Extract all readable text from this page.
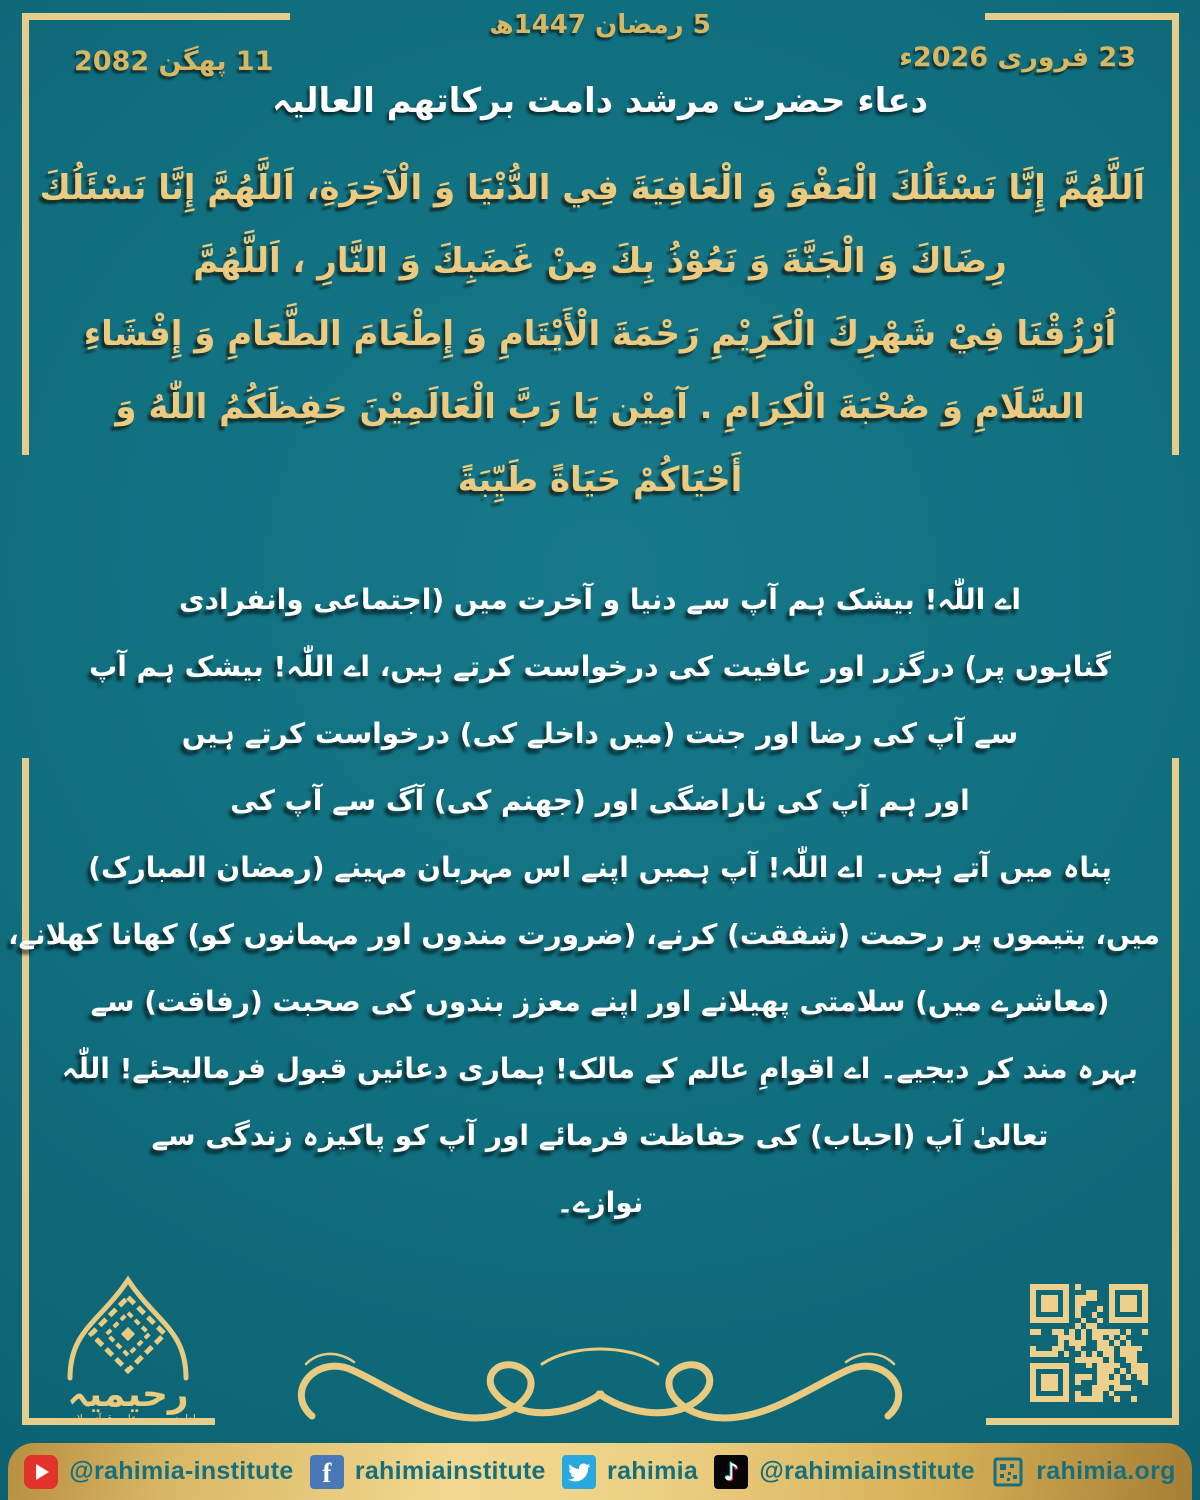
5 رمضان 1447ھ
23 فروری 2026ء
11 پھگن 2082
دعاء حضرت مرشد دامت برکاتھم العالیہ
اَللَّهُمَّ إِنَّا نَسْئَلُكَ الْعَفْوَ وَ الْعَافِيَةَ فِي الدُّنْيَا وَ الْآخِرَةِ، اَللَّهُمَّ إِنَّا نَسْئَلُكَ
رِضَاكَ وَ الْجَنَّةَ وَ نَعُوْذُ بِكَ مِنْ غَضَبِكَ وَ النَّارِ ، اَللَّهُمَّ
اُرْزُقْنَا فِيْ شَهْرِكَ الْكَرِيْمِ رَحْمَةَ الْأَيْتَامِ وَ إِطْعَامَ الطَّعَامِ وَ إِفْشَاءِ
السَّلَامِ وَ صُحْبَةَ الْكِرَامِ . آمِيْن يَا رَبَّ الْعَالَمِيْنَ حَفِظَكُمُ اللّٰهُ وَ
أَحْيَاكُمْ حَيَاةً طَيِّبَةً
اے اللّٰہ! بیشک ہم آپ سے دنیا و آخرت میں (اجتماعی وانفرادی
گناہوں پر) درگزر اور عافیت کی درخواست کرتے ہیں، اے اللّٰہ! بیشک ہم آپ
سے آپ کی رضا اور جنت (میں داخلے کی) درخواست کرتے ہیں
اور ہم آپ کی ناراضگی اور (جھنم کی) آگ سے آپ کی
پناہ میں آتے ہیں۔ اے اللّٰہ! آپ ہمیں اپنے اس مہربان مہینے (رمضان المبارک)
میں، یتیموں پر رحمت (شفقت) کرنے، (ضرورت مندوں اور مہمانوں کو) کھانا کھلانے،
(معاشرے میں) سلامتی پھیلانے اور اپنے معزز بندوں کی صحبت (رفاقت) سے
بہرہ مند کر دیجیے۔ اے اقوامِ عالم کے مالک! ہماری دعائیں قبول فرمالیجئے! اللّٰہ
تعالیٰ آپ (احباب) کی حفاظت فرمائے اور آپ کو پاکیزہ زندگی سے
نوازے۔
رحیمیہ
ادارہ رحیمیہ علومِ قرآنیہ لاہور
@rahimia-institute	f rahimiainstitute rahimia	♪ @rahimiainstitute rahimia.org
